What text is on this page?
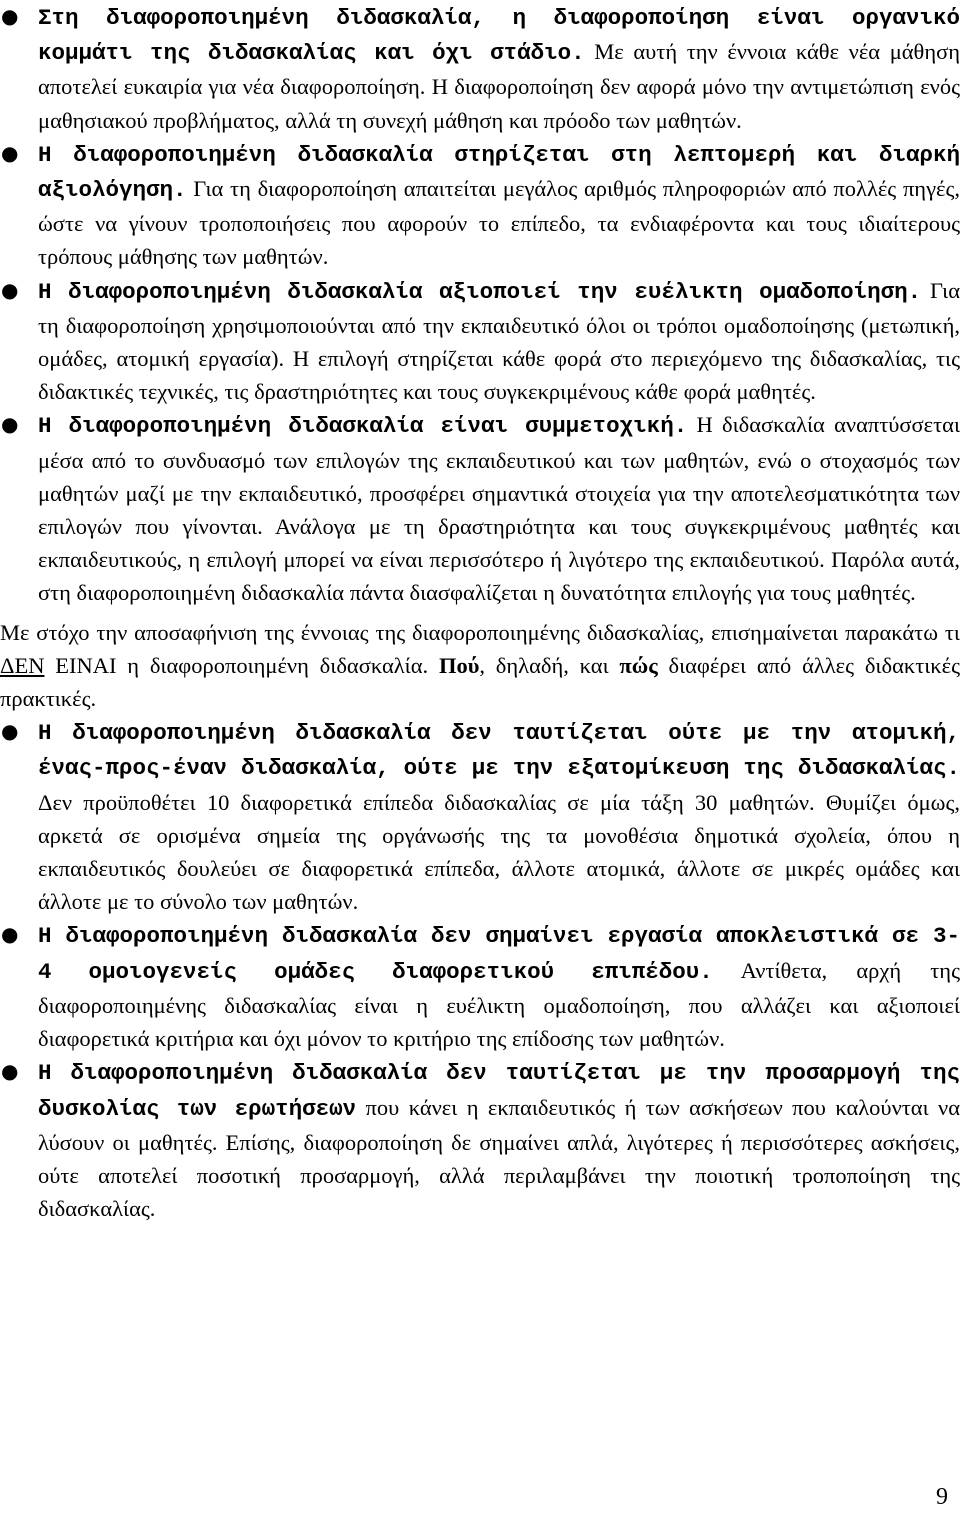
● Στη διαφοροποιημένη διδασκαλία, η διαφοροποίηση είναι οργανικό κομμάτι της διδασκαλίας και όχι στάδιο. Με αυτή την έννοια κάθε νέα μάθηση αποτελεί ευκαιρία για νέα διαφοροποίηση. Η διαφοροποίηση δεν αφορά μόνο την αντιμετώπιση ενός μαθησιακού προβλήματος, αλλά τη συνεχή μάθηση και πρόοδο των μαθητών.
● Η διαφοροποιημένη διδασκαλία στηρίζεται στη λεπτομερή και διαρκή αξιολόγηση. Για τη διαφοροποίηση απαιτείται μεγάλος αριθμός πληροφοριών από πολλές πηγές, ώστε να γίνουν τροποποιήσεις που αφορούν το επίπεδο, τα ενδιαφέροντα και τους ιδιαίτερους τρόπους μάθησης των μαθητών.
● Η διαφοροποιημένη διδασκαλία αξιοποιεί την ευέλικτη ομαδοποίηση. Για τη διαφοροποίηση χρησιμοποιούνται από την εκπαιδευτικό όλοι οι τρόποι ομαδοποίησης (μετωπική, ομάδες, ατομική εργασία). Η επιλογή στηρίζεται κάθε φορά στο περιεχόμενο της διδασκαλίας, τις διδακτικές τεχνικές, τις δραστηριότητες και τους συγκεκριμένους κάθε φορά μαθητές.
● Η διαφοροποιημένη διδασκαλία είναι συμμετοχική. Η διδασκαλία αναπτύσσεται μέσα από το συνδυασμό των επιλογών της εκπαιδευτικού και των μαθητών, ενώ ο στοχασμός των μαθητών μαζί με την εκπαιδευτικό, προσφέρει σημαντικά στοιχεία για την αποτελεσματικότητα των επιλογών που γίνονται. Ανάλογα με τη δραστηριότητα και τους συγκεκριμένους μαθητές και εκπαιδευτικούς, η επιλογή μπορεί να είναι περισσότερο ή λιγότερο της εκπαιδευτικού. Παρόλα αυτά, στη διαφοροποιημένη διδασκαλία πάντα διασφαλίζεται η δυνατότητα επιλογής για τους μαθητές.
Με στόχο την αποσαφήνιση της έννοιας της διαφοροποιημένης διδασκαλίας, επισημαίνεται παρακάτω τι ΔΕΝ ΕΙΝΑΙ η διαφοροποιημένη διδασκαλία. Πού, δηλαδή, και πώς διαφέρει από άλλες διδακτικές πρακτικές.
● Η διαφοροποιημένη διδασκαλία δεν ταυτίζεται ούτε με την ατομική, ένας-προς-έναν διδασκαλία, ούτε με την εξατομίκευση της διδασκαλίας. Δεν προϋποθέτει 10 διαφορετικά επίπεδα διδασκαλίας σε μία τάξη 30 μαθητών. Θυμίζει όμως, αρκετά σε ορισμένα σημεία της οργάνωσής της τα μονοθέσια δημοτικά σχολεία, όπου η εκπαιδευτικός δουλεύει σε διαφορετικά επίπεδα, άλλοτε ατομικά, άλλοτε σε μικρές ομάδες και άλλοτε με το σύνολο των μαθητών.
● Η διαφοροποιημένη διδασκαλία δεν σημαίνει εργασία αποκλειστικά σε 3-4 ομοιογενείς ομάδες διαφορετικού επιπέδου. Αντίθετα, αρχή της διαφοροποιημένης διδασκαλίας είναι η ευέλικτη ομαδοποίηση, που αλλάζει και αξιοποιεί διαφορετικά κριτήρια και όχι μόνον το κριτήριο της επίδοσης των μαθητών.
● Η διαφοροποιημένη διδασκαλία δεν ταυτίζεται με την προσαρμογή της δυσκολίας των ερωτήσεων που κάνει η εκπαιδευτικός ή των ασκήσεων που καλούνται να λύσουν οι μαθητές. Επίσης, διαφοροποίηση δε σημαίνει απλά, λιγότερες ή περισσότερες ασκήσεις, ούτε αποτελεί ποσοτική προσαρμογή, αλλά περιλαμβάνει την ποιοτική τροποποίηση της διδασκαλίας.
9
